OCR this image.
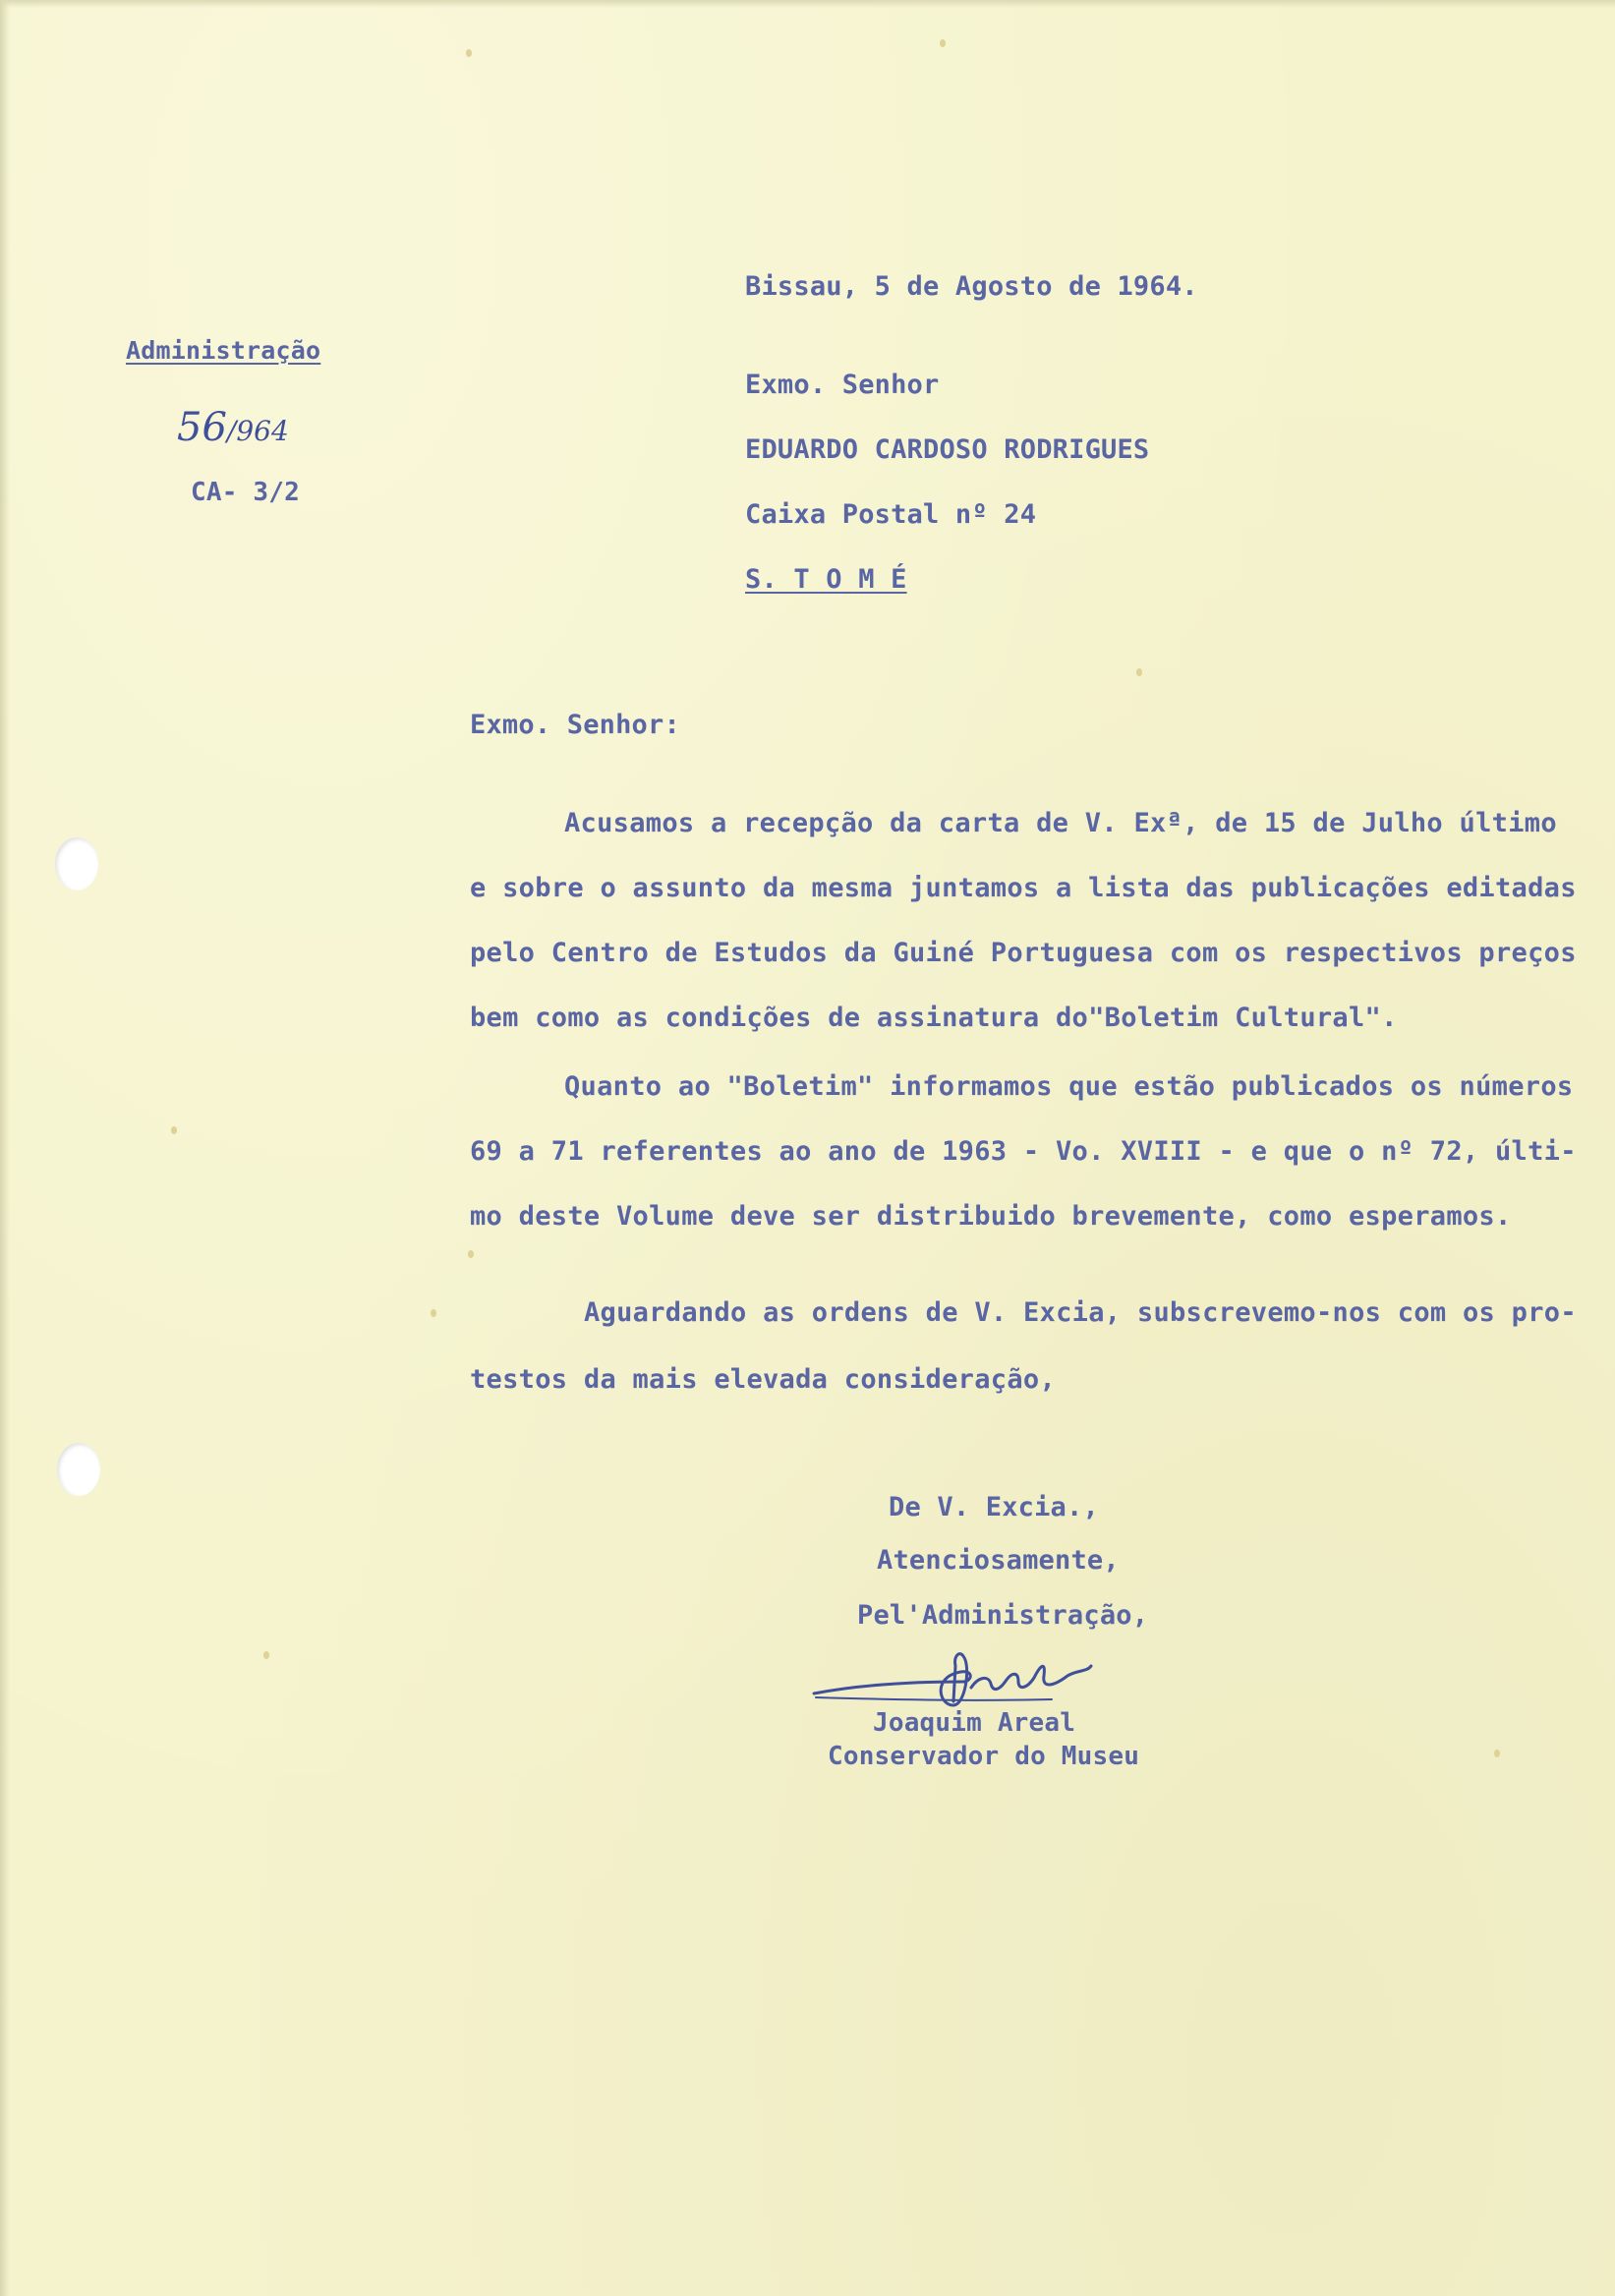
Bissau, 5 de Agosto de 1964.
Administração
56/964
CA- 3/2
Exmo. Senhor
EDUARDO CARDOSO RODRIGUES
Caixa Postal nº 24
S. T O M É
Exmo. Senhor:
Acusamos a recepção da carta de V. Exª, de 15 de Julho último
e sobre o assunto da mesma juntamos a lista das publicações editadas
pelo Centro de Estudos da Guiné Portuguesa com os respectivos preços
bem como as condições de assinatura do"Boletim Cultural".
Quanto ao "Boletim" informamos que estão publicados os números
69 a 71 referentes ao ano de 1963 - Vo. XVIII - e que o nº 72, últi-
mo deste Volume deve ser distribuido brevemente, como esperamos.
Aguardando as ordens de V. Excia, subscrevemo-nos com os pro-
testos da mais elevada consideração,
De V. Excia.,
Atenciosamente,
Pel'Administração,
Joaquim Areal
Conservador do Museu
